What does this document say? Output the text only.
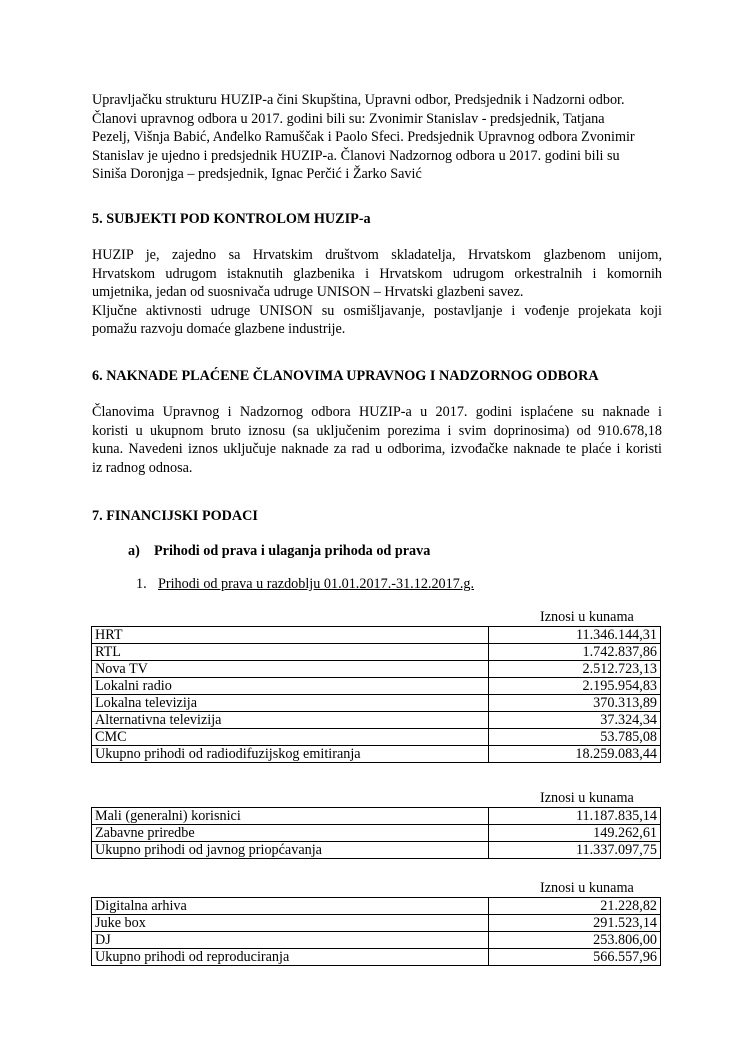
Upravljačku strukturu HUZIP-a čini Skupština, Upravni odbor, Predsjednik i Nadzorni odbor.
Članovi upravnog odbora u 2017. godini bili su: Zvonimir Stanislav - predsjednik, Tatjana
Pezelj, Višnja Babić, Anđelko Ramuščak i Paolo Sfeci. Predsjednik Upravnog odbora Zvonimir
Stanislav je ujedno i predsjednik HUZIP-a. Članovi Nadzornog odbora u 2017. godini bili su
Siniša Doronjga – predsjednik, Ignac Perčić i Žarko Savić
5. SUBJEKTI POD KONTROLOM HUZIP-a
HUZIP je, zajedno sa Hrvatskim društvom skladatelja, Hrvatskom glazbenom unijom,
Hrvatskom udrugom istaknutih glazbenika i Hrvatskom udrugom orkestralnih i komornih
umjetnika, jedan od suosnivača udruge UNISON – Hrvatski glazbeni savez.
Ključne aktivnosti udruge UNISON su osmišljavanje, postavljanje i vođenje projekata koji
pomažu razvoju domaće glazbene industrije.
6. NAKNADE PLAĆENE ČLANOVIMA UPRAVNOG I NADZORNOG ODBORA
Članovima Upravnog i Nadzornog odbora HUZIP-a u 2017. godini isplaćene su naknade i
koristi u ukupnom bruto iznosu (sa uključenim porezima i svim doprinosima) od 910.678,18
kuna. Navedeni iznos uključuje naknade za rad u odborima, izvođačke naknade te plaće i koristi
iz radnog odnosa.
7. FINANCIJSKI PODACI
a) Prihodi od prava i ulaganja prihoda od prava
1. Prihodi od prava u razdoblju 01.01.2017.-31.12.2017.g.
Iznosi u kunama
HRT	11.346.144,31
RTL	1.742.837,86
Nova TV	2.512.723,13
Lokalni radio	2.195.954,83
Lokalna televizija	370.313,89
Alternativna televizija	37.324,34
CMC	53.785,08
Ukupno prihodi od radiodifuzijskog emitiranja	18.259.083,44
Iznosi u kunama
Mali (generalni) korisnici	11.187.835,14
Zabavne priredbe	149.262,61
Ukupno prihodi od javnog priopćavanja	11.337.097,75
Iznosi u kunama
Digitalna arhiva	21.228,82
Juke box	291.523,14
DJ	253.806,00
Ukupno prihodi od reproduciranja	566.557,96
